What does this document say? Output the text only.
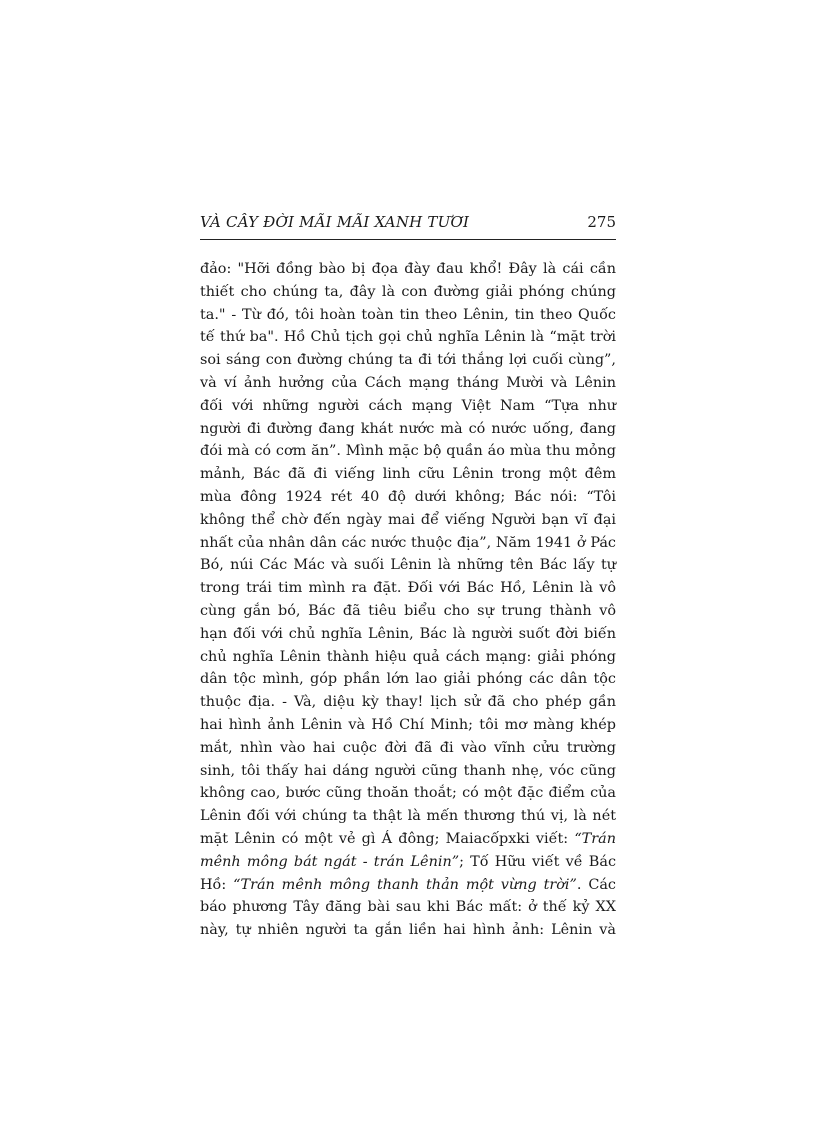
VÀ CÂY ĐỜI MÃI MÃI XANH TƯƠI	275
đảo: "Hỡi đồng bào bị đọa đày đau khổ! Đây là cái cần
thiết cho chúng ta, đây là con đường giải phóng chúng
ta." - Từ đó, tôi hoàn toàn tin theo Lênin, tin theo Quốc
tế thứ ba". Hồ Chủ tịch gọi chủ nghĩa Lênin là “mặt trời
soi sáng con đường chúng ta đi tới thắng lợi cuối cùng”,
và ví ảnh hưởng của Cách mạng tháng Mười và Lênin
đối với những người cách mạng Việt Nam “Tựa như
người đi đường đang khát nước mà có nước uống, đang
đói mà có cơm ăn”. Mình mặc bộ quần áo mùa thu mỏng
mảnh, Bác đã đi viếng linh cữu Lênin trong một đêm
mùa đông 1924 rét 40 độ dưới không; Bác nói: “Tôi
không thể chờ đến ngày mai để viếng Người bạn vĩ đại
nhất của nhân dân các nước thuộc địa”, Năm 1941 ở Pác
Bó, núi Các Mác và suối Lênin là những tên Bác lấy tự
trong trái tim mình ra đặt. Đối với Bác Hồ, Lênin là vô
cùng gắn bó, Bác đã tiêu biểu cho sự trung thành vô
hạn đối với chủ nghĩa Lênin, Bác là người suốt đời biến
chủ nghĩa Lênin thành hiệu quả cách mạng: giải phóng
dân tộc mình, góp phần lớn lao giải phóng các dân tộc
thuộc địa. - Và, diệu kỳ thay! lịch sử đã cho phép gần
hai hình ảnh Lênin và Hồ Chí Minh; tôi mơ màng khép
mắt, nhìn vào hai cuộc đời đã đi vào vĩnh cửu trường
sinh, tôi thấy hai dáng người cũng thanh nhẹ, vóc cũng
không cao, bước cũng thoăn thoắt; có một đặc điểm của
Lênin đối với chúng ta thật là mến thương thú vị, là nét
mặt Lênin có một vẻ gì Á đông; Maiacốpxki viết: “Trán
mênh mông bát ngát - trán Lênin”; Tố Hữu viết về Bác
Hồ: “Trán mênh mông thanh thản một vừng trời”. Các
báo phương Tây đăng bài sau khi Bác mất: ở thế kỷ XX
này, tự nhiên người ta gắn liền hai hình ảnh: Lênin và
